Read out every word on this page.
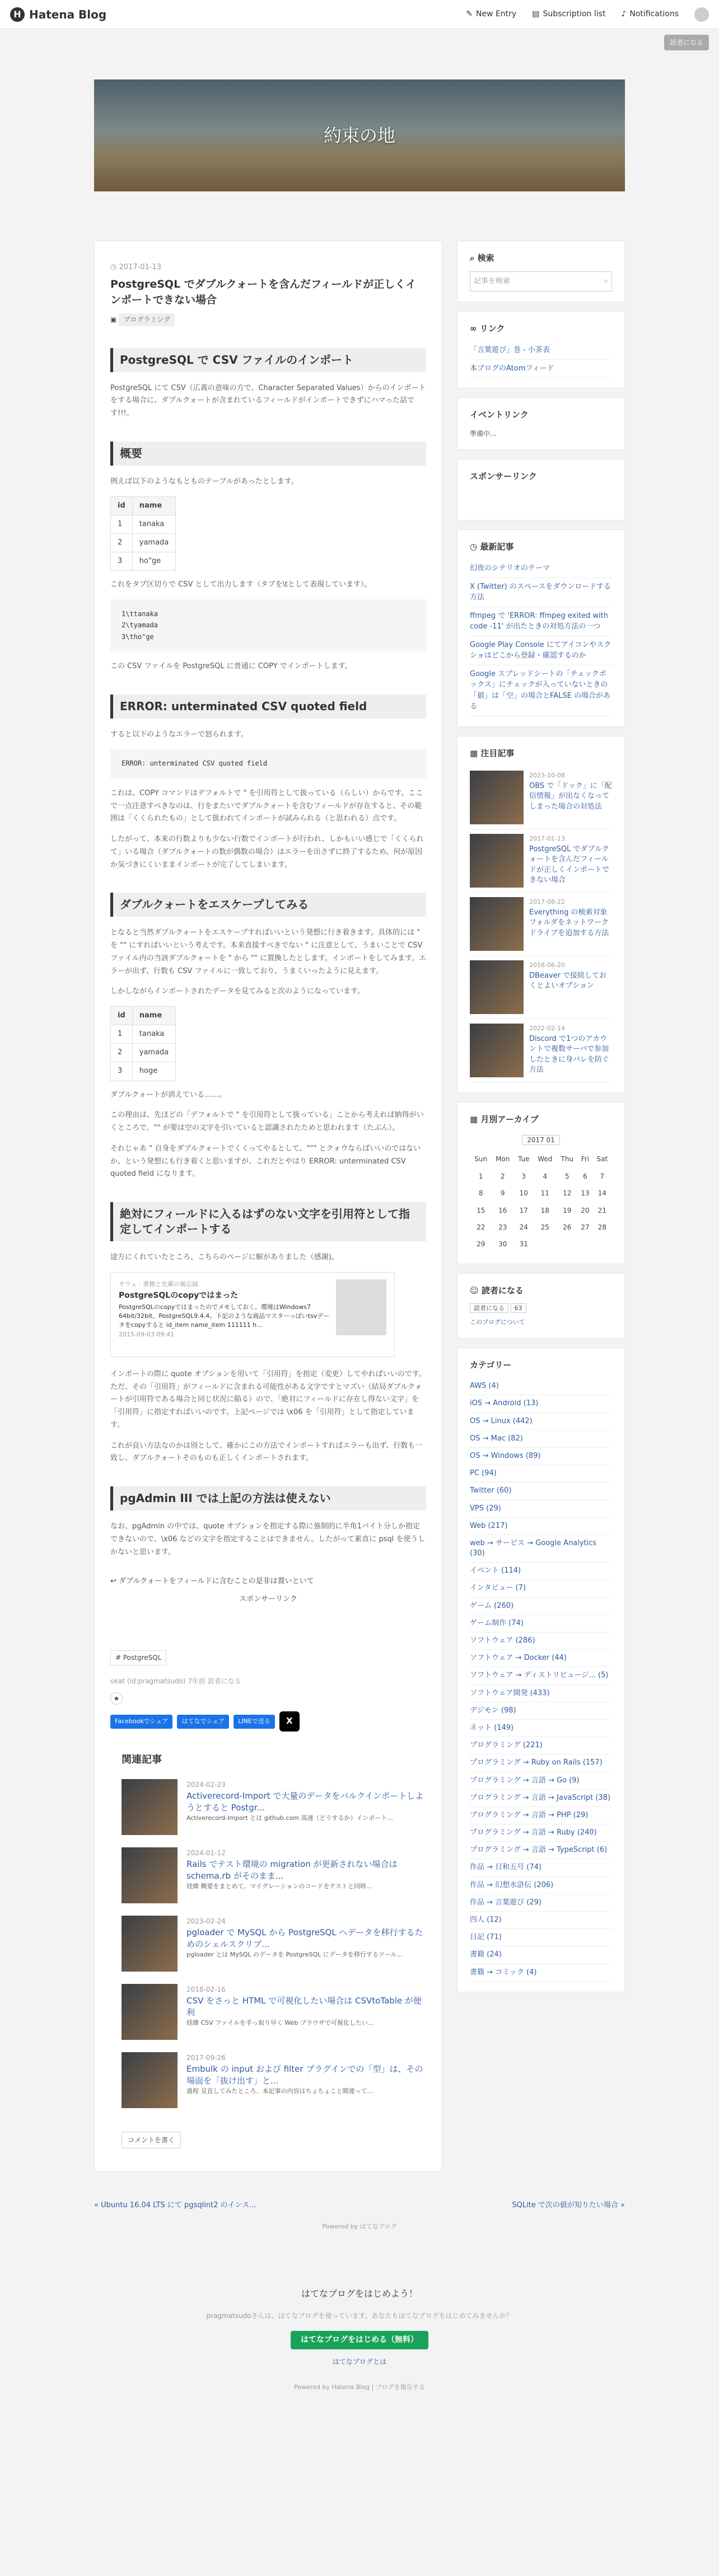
H Hatena Blog	✎ New Entry ▤ Subscription list ♪ Notifications
読者になる
約束の地
◷ 2017-01-13
PostgreSQL でダブルクォートを含んだフィールドが正しくインポートできない場合
▣ プログラミング
PostgreSQL で CSV ファイルのインポート

PostgreSQL にて CSV（広義の意味の方で、Character Separated Values）からのインポートをする場合に、ダブルクォートが含まれているフィールドがインポートできずにハマった話です!!!。

概要

例えば以下のようなもとものテーブルがあったとします。

id	name
1	tanaka
2	yamada
3	ho"ge

これをタブ区切りで CSV として出力します（タブを\tとして表現しています）。

1\ttanaka
2\tyamada
3\tho"ge

この CSV ファイルを PostgreSQL に普通に COPY でインポートします。

ERROR: unterminated CSV quoted field

すると以下のようなエラーで怒られます。

ERROR: unterminated CSV quoted field

これは、COPY コマンドはデフォルトで " を引用符として扱っている（らしい）からです。ここで一点注意すべきなのは、行をまたいでダブルクォートを含むフィールドが存在すると、その範囲は「くくられたもの」として扱われてインポートが試みられる（と思われる）点です。

したがって、本来の行数よりも少ない行数でインポートが行われ、しかもいい感じで「くくられて」いる場合（ダブルクォートの数が偶数の場合）はエラーを出さずに終了するため、何が原因か気づきにくいままインポートが完了してしまいます。

ダブルクォートをエスケープしてみる

となると当然ダブルクォートをエスケープすればいいという発想に行き着きます。具体的には " を "" にすればいいという考えです。本来直接すべきでない " に注意として、うまいことで CSV ファイル内の当該ダブルクォートを " から "" に置換したとします。インポートをしてみます。エラーが出ず、行数も CSV ファイルに一致しており、うまくいったように見えます。

しかしながらインポートされたデータを見てみると次のようになっています。

id	name
1	tanaka
2	yamada
3	hoge

ダブルクォートが消えている……。

この理由は、先ほどの「デフォルトで " を引用符として扱っている」ことから考えれば納得がいくところで、"" が要は空の文字を引いていると認識されたためと思われます（たぶん）。

それじゃあ " 自身をダブルクォートでくくってやるとして、""" とクォウならばいいのではないか、という発想にも行き着くと思いますが、これだとやはり ERROR: unterminated CSV quoted field になります。

絶対にフィールドに入るはずのない文字を引用符として指定してインポートする

途方にくれていたところ、こちらのページに解がありました（感謝)。

サウェ · 書籍と先輩の備忘録
PostgreSQLのcopyではまった
PostgreSQLのcopyではまったのでメモしておく。環境はWindows7 64bit/32bit、PostgreSQL9.4.4。下記のような商品マスターっぽいtsvデータをcopyすると id_item name_item 111111 h...
2015-09-03 09:41

インポートの際に quote オプションを用いて「引用符」を指定（変更）してやればいいのです。ただ、その「引用符」がフィールドに含まれる可能性がある文字ですとマズい（結局ダブルクォートが引用符である場合と同じ状況に陥る）ので、「絶対にフィールドに存在し得ない文字」を「引用符」に指定すればいいのです。上記ページでは \x06 を「引用符」として指定しています。

これが良い方法なのかは別として、確かにこの方法でインポートすればエラーも出ず、行数も一致し、ダブルクォートそのものも正しくインポートされます。

pgAdmin III では上記の方法は使えない

なお、pgAdmin の中では、quote オプションを指定する際に強制的に半角1バイト分しか指定できないので、\x06 などの文字を指定することはできません。したがって素直に psql を使うしかないと思います。

↩ ダブルクォートをフィールドに含むことの是非は置いといて
スポンサーリンク
# PostgreSQL
okat (id:pragmatsudo) 7年前 読者になる
★
Facebookでシェア	はてなでシェア	LINEで送る	X
関連記事
2024-02-23
Activerecord-Import で大量のデータをバルクインポートしようとすると Postgr...
Activerecord-Import とは github.com 高速（どうするか）インポート...
2024-01-12
Rails でテスト環境の migration が更新されない場合は schema.rb がそのまま...
経緯 概要をまとめて。マイグレーションのコードをテストと同時...
2023-02-24
pgloader で MySQL から PostgreSQL へデータを移行するためのシェルスクリプ...
pgloader とは MySQL のデータを PostgreSQL にデータを移行するツール...
2018-02-16
CSV をさっと HTML で可視化したい場合は CSVtoTable が便利
経緯 CSV ファイルを手っ取り早く Web ブラウザで可視化したい...
2017-09-26
Embulk の input および filter プラグインでの「型」は、その場面を「抜け出す」と...
過程 見直してみたところ、本記事の内容はちょちょこと間違って...
コメントを書く
⌕ 検索
記事を検索	⌕
∞ リンク
「言葉遊び」巻 - 小茶表
本ブログのAtomフィード
イベントリンク
準備中...
スポンサーリンク
◷ 最新記事
幻夜のシテリオのテーマ
X (Twitter) のスペースをダウンロードする方法
ffmpeg で 'ERROR: ffmpeg exited with code -11' が出たときの対処方法の一つ
Google Play Console にてアイコンやスクショはどこから登録・確認するのか
Google スプレッドシートの「チェックボックス」にチェックが入っていないときの「値」は「空」の場合とFALSE の場合がある
▦ 注目記事
2023-10-08
OBS で「ドック」に「配信情報」が出なくなってしまった場合の対処法
2017-01-13
PostgreSQL でダブルクォートを含んだフィールドが正しくインポートできない場合
2017-08-22
Everything の検索対象フォルダをネットワークドライブを追加する方法
2018-06-20
DBeaver で接続しておくとよいオプション
2022-02-14
Discord で1つのアカウントで複数サーバで参加したときに身バレを防ぐ方法
▦ 月別アーカイブ
2017 01
Sun	Mon	Tue	Wed	Thu	Fri	Sat
1	2	3	4	5	6	7
8	9	10	11	12	13	14
15	16	17	18	19	20	21
22	23	24	25	26	27	28
29	30	31				
☺ 読者になる
読者になる 63
このブログについて
カテゴリー
AWS (4)
iOS → Android (13)
OS → Linux (442)
OS → Mac (82)
OS → Windows (89)
PC (94)
Twitter (60)
VPS (29)
Web (217)
web → サービス → Google Analytics (30)
イベント (114)
インタビュー (7)
ゲーム (260)
ゲーム制作 (74)
ソフトウェア (286)
ソフトウェア → Docker (44)
ソフトウェア → ディストリビュージ... (5)
ソフトウェア開発 (433)
デジモン (98)
ネット (149)
プログラミング (221)
プログラミング → Ruby on Rails (157)
プログラミング → 言語 → Go (9)
プログラミング → 言語 → JavaScript (38)
プログラミング → 言語 → PHP (29)
プログラミング → 言語 → Ruby (240)
プログラミング → 言語 → TypeScript (6)
作品 → 日和五号 (74)
作品 → 幻想水滸伝 (206)
作品 → 言葉遊び (29)
四人 (12)
日記 (71)
書籍 (24)
書籍 → コミック (4)
« Ubuntu 16.04 LTS にて pgsqlint2 のインス...	SQLite で次の値が知りたい場合 »
Powered by はてなブログ
はてなブログをはじめよう！
pragmatsudoさんは、はてなブログを使っています。あなたもはてなブログをはじめてみませんか？
はてなブログをはじめる（無料）
はてなブログとは
Powered by Hatena Blog | ブログを報告する
